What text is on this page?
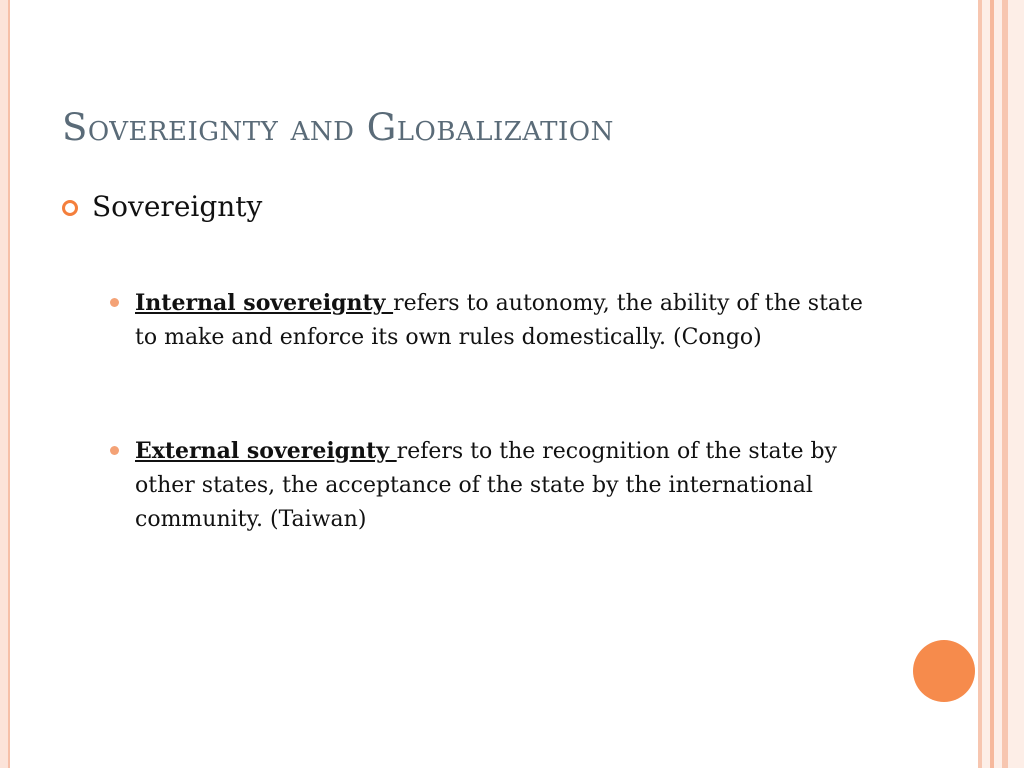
Sovereignty and Globalization
Sovereignty

Internal sovereignty refers to autonomy, the ability of the state to make and enforce its own rules domestically. (Congo)

External sovereignty refers to the recognition of the state by other states, the acceptance of the state by the international community. (Taiwan)
